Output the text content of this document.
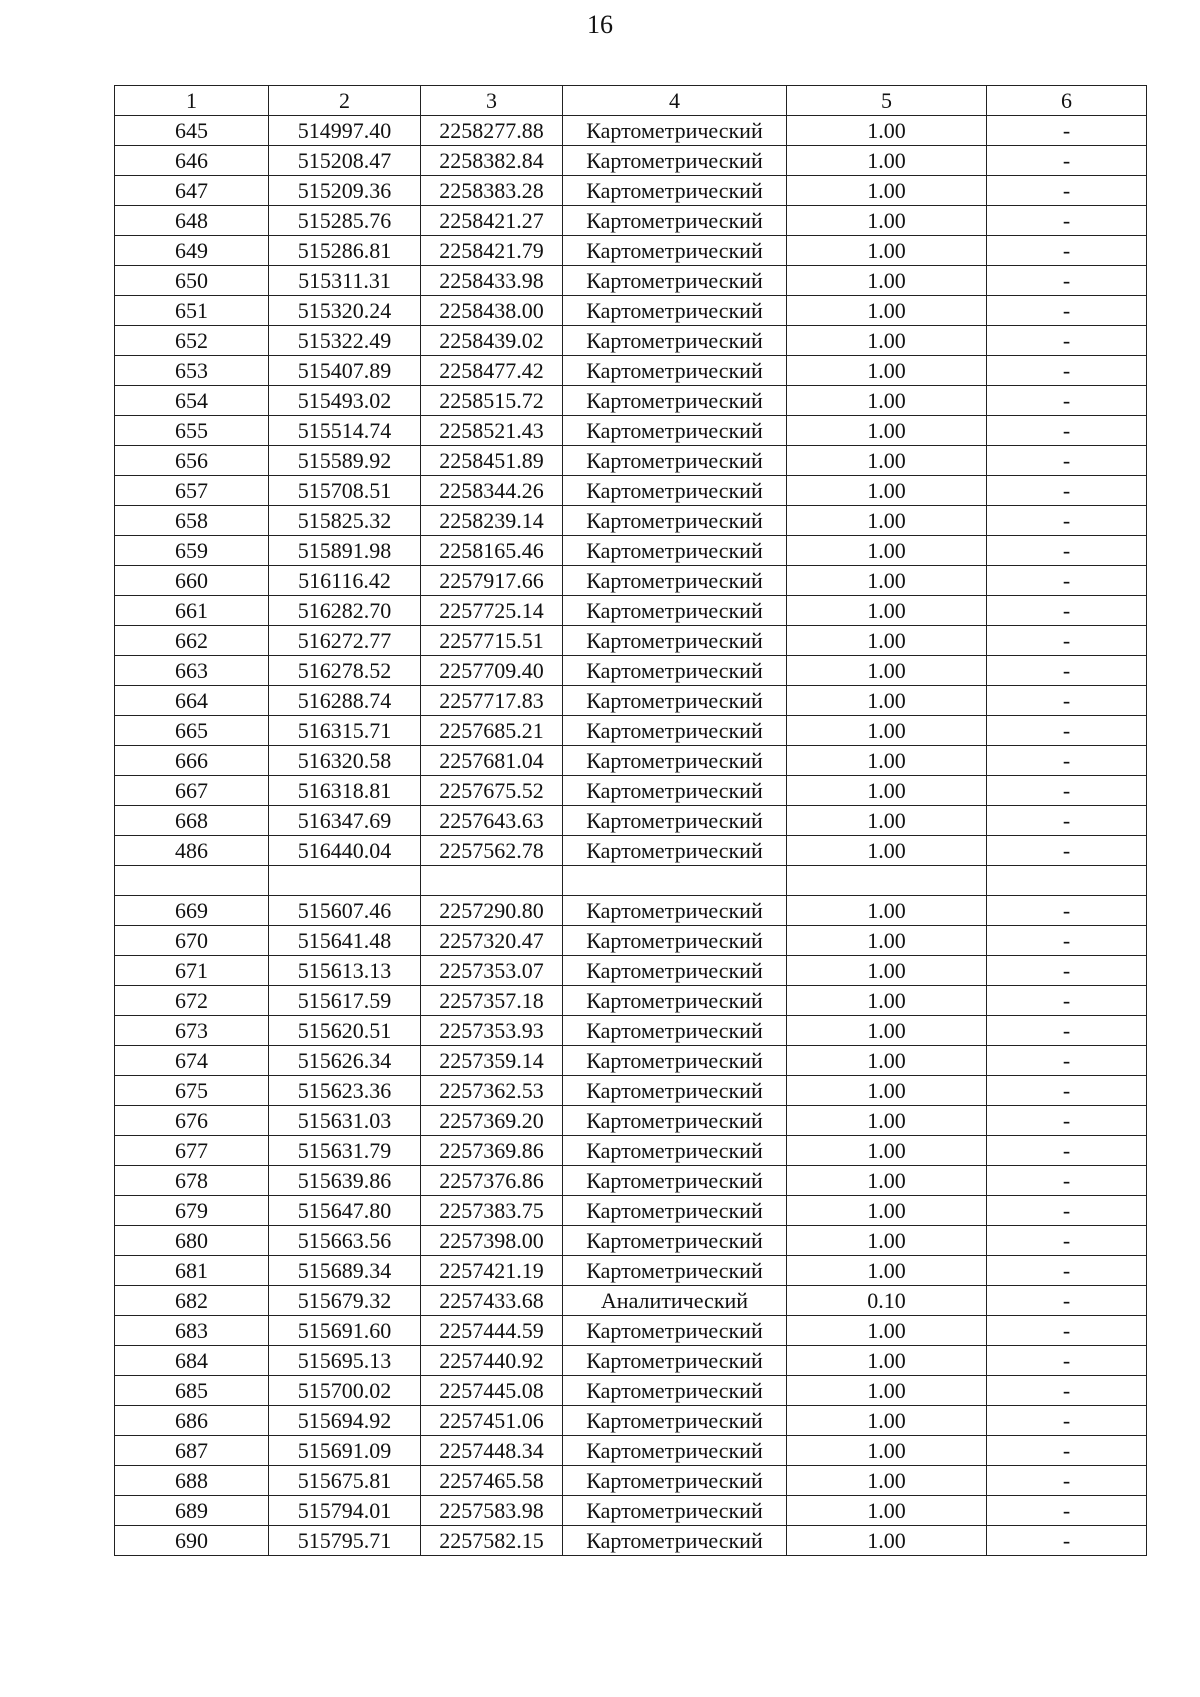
16
1	2	3	4	5	6
645	514997.40	2258277.88	Картометрический	1.00	-
646	515208.47	2258382.84	Картометрический	1.00	-
647	515209.36	2258383.28	Картометрический	1.00	-
648	515285.76	2258421.27	Картометрический	1.00	-
649	515286.81	2258421.79	Картометрический	1.00	-
650	515311.31	2258433.98	Картометрический	1.00	-
651	515320.24	2258438.00	Картометрический	1.00	-
652	515322.49	2258439.02	Картометрический	1.00	-
653	515407.89	2258477.42	Картометрический	1.00	-
654	515493.02	2258515.72	Картометрический	1.00	-
655	515514.74	2258521.43	Картометрический	1.00	-
656	515589.92	2258451.89	Картометрический	1.00	-
657	515708.51	2258344.26	Картометрический	1.00	-
658	515825.32	2258239.14	Картометрический	1.00	-
659	515891.98	2258165.46	Картометрический	1.00	-
660	516116.42	2257917.66	Картометрический	1.00	-
661	516282.70	2257725.14	Картометрический	1.00	-
662	516272.77	2257715.51	Картометрический	1.00	-
663	516278.52	2257709.40	Картометрический	1.00	-
664	516288.74	2257717.83	Картометрический	1.00	-
665	516315.71	2257685.21	Картометрический	1.00	-
666	516320.58	2257681.04	Картометрический	1.00	-
667	516318.81	2257675.52	Картометрический	1.00	-
668	516347.69	2257643.63	Картометрический	1.00	-
486	516440.04	2257562.78	Картометрический	1.00	-

669	515607.46	2257290.80	Картометрический	1.00	-
670	515641.48	2257320.47	Картометрический	1.00	-
671	515613.13	2257353.07	Картометрический	1.00	-
672	515617.59	2257357.18	Картометрический	1.00	-
673	515620.51	2257353.93	Картометрический	1.00	-
674	515626.34	2257359.14	Картометрический	1.00	-
675	515623.36	2257362.53	Картометрический	1.00	-
676	515631.03	2257369.20	Картометрический	1.00	-
677	515631.79	2257369.86	Картометрический	1.00	-
678	515639.86	2257376.86	Картометрический	1.00	-
679	515647.80	2257383.75	Картометрический	1.00	-
680	515663.56	2257398.00	Картометрический	1.00	-
681	515689.34	2257421.19	Картометрический	1.00	-
682	515679.32	2257433.68	Аналитический	0.10	-
683	515691.60	2257444.59	Картометрический	1.00	-
684	515695.13	2257440.92	Картометрический	1.00	-
685	515700.02	2257445.08	Картометрический	1.00	-
686	515694.92	2257451.06	Картометрический	1.00	-
687	515691.09	2257448.34	Картометрический	1.00	-
688	515675.81	2257465.58	Картометрический	1.00	-
689	515794.01	2257583.98	Картометрический	1.00	-
690	515795.71	2257582.15	Картометрический	1.00	-
